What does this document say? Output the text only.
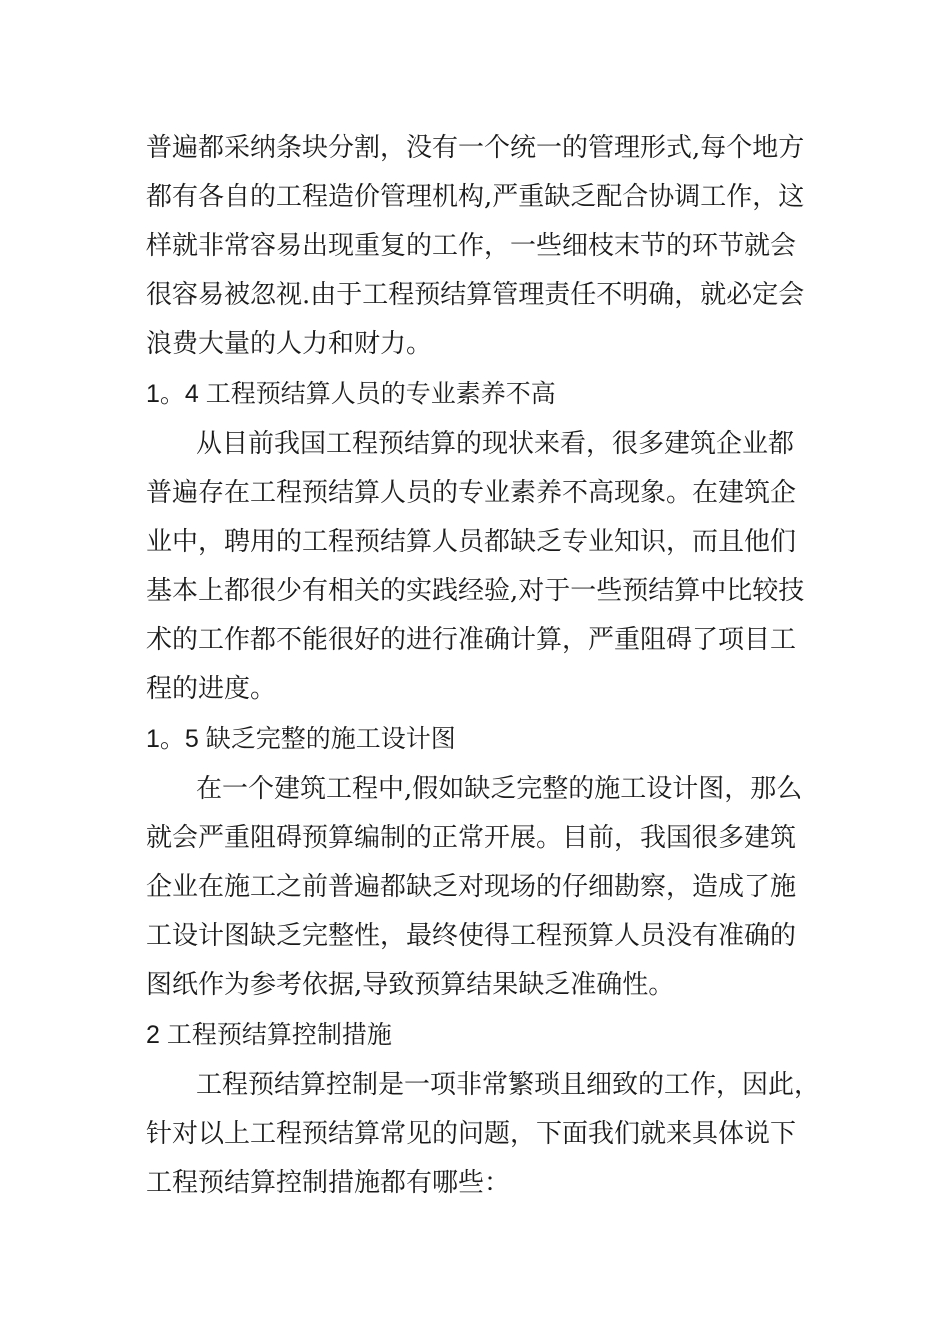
普遍都采纳条块分割，没有一个统一的管理形式,每个地方
都有各自的工程造价管理机构,严重缺乏配合协调工作，这
样就非常容易出现重复的工作，一些细枝末节的环节就会
很容易被忽视.由于工程预结算管理责任不明确，就必定会
浪费大量的人力和财力。
1。4 工程预结算人员的专业素养不高
从目前我国工程预结算的现状来看，很多建筑企业都
普遍存在工程预结算人员的专业素养不高现象。在建筑企
业中，聘用的工程预结算人员都缺乏专业知识，而且他们
基本上都很少有相关的实践经验,对于一些预结算中比较技
术的工作都不能很好的进行准确计算，严重阻碍了项目工
程的进度。
1。5 缺乏完整的施工设计图
在一个建筑工程中,假如缺乏完整的施工设计图，那么
就会严重阻碍预算编制的正常开展。目前，我国很多建筑
企业在施工之前普遍都缺乏对现场的仔细勘察，造成了施
工设计图缺乏完整性，最终使得工程预算人员没有准确的
图纸作为参考依据,导致预算结果缺乏准确性。
2 工程预结算控制措施
工程预结算控制是一项非常繁琐且细致的工作，因此，
针对以上工程预结算常见的问题，下面我们就来具体说下
工程预结算控制措施都有哪些：
